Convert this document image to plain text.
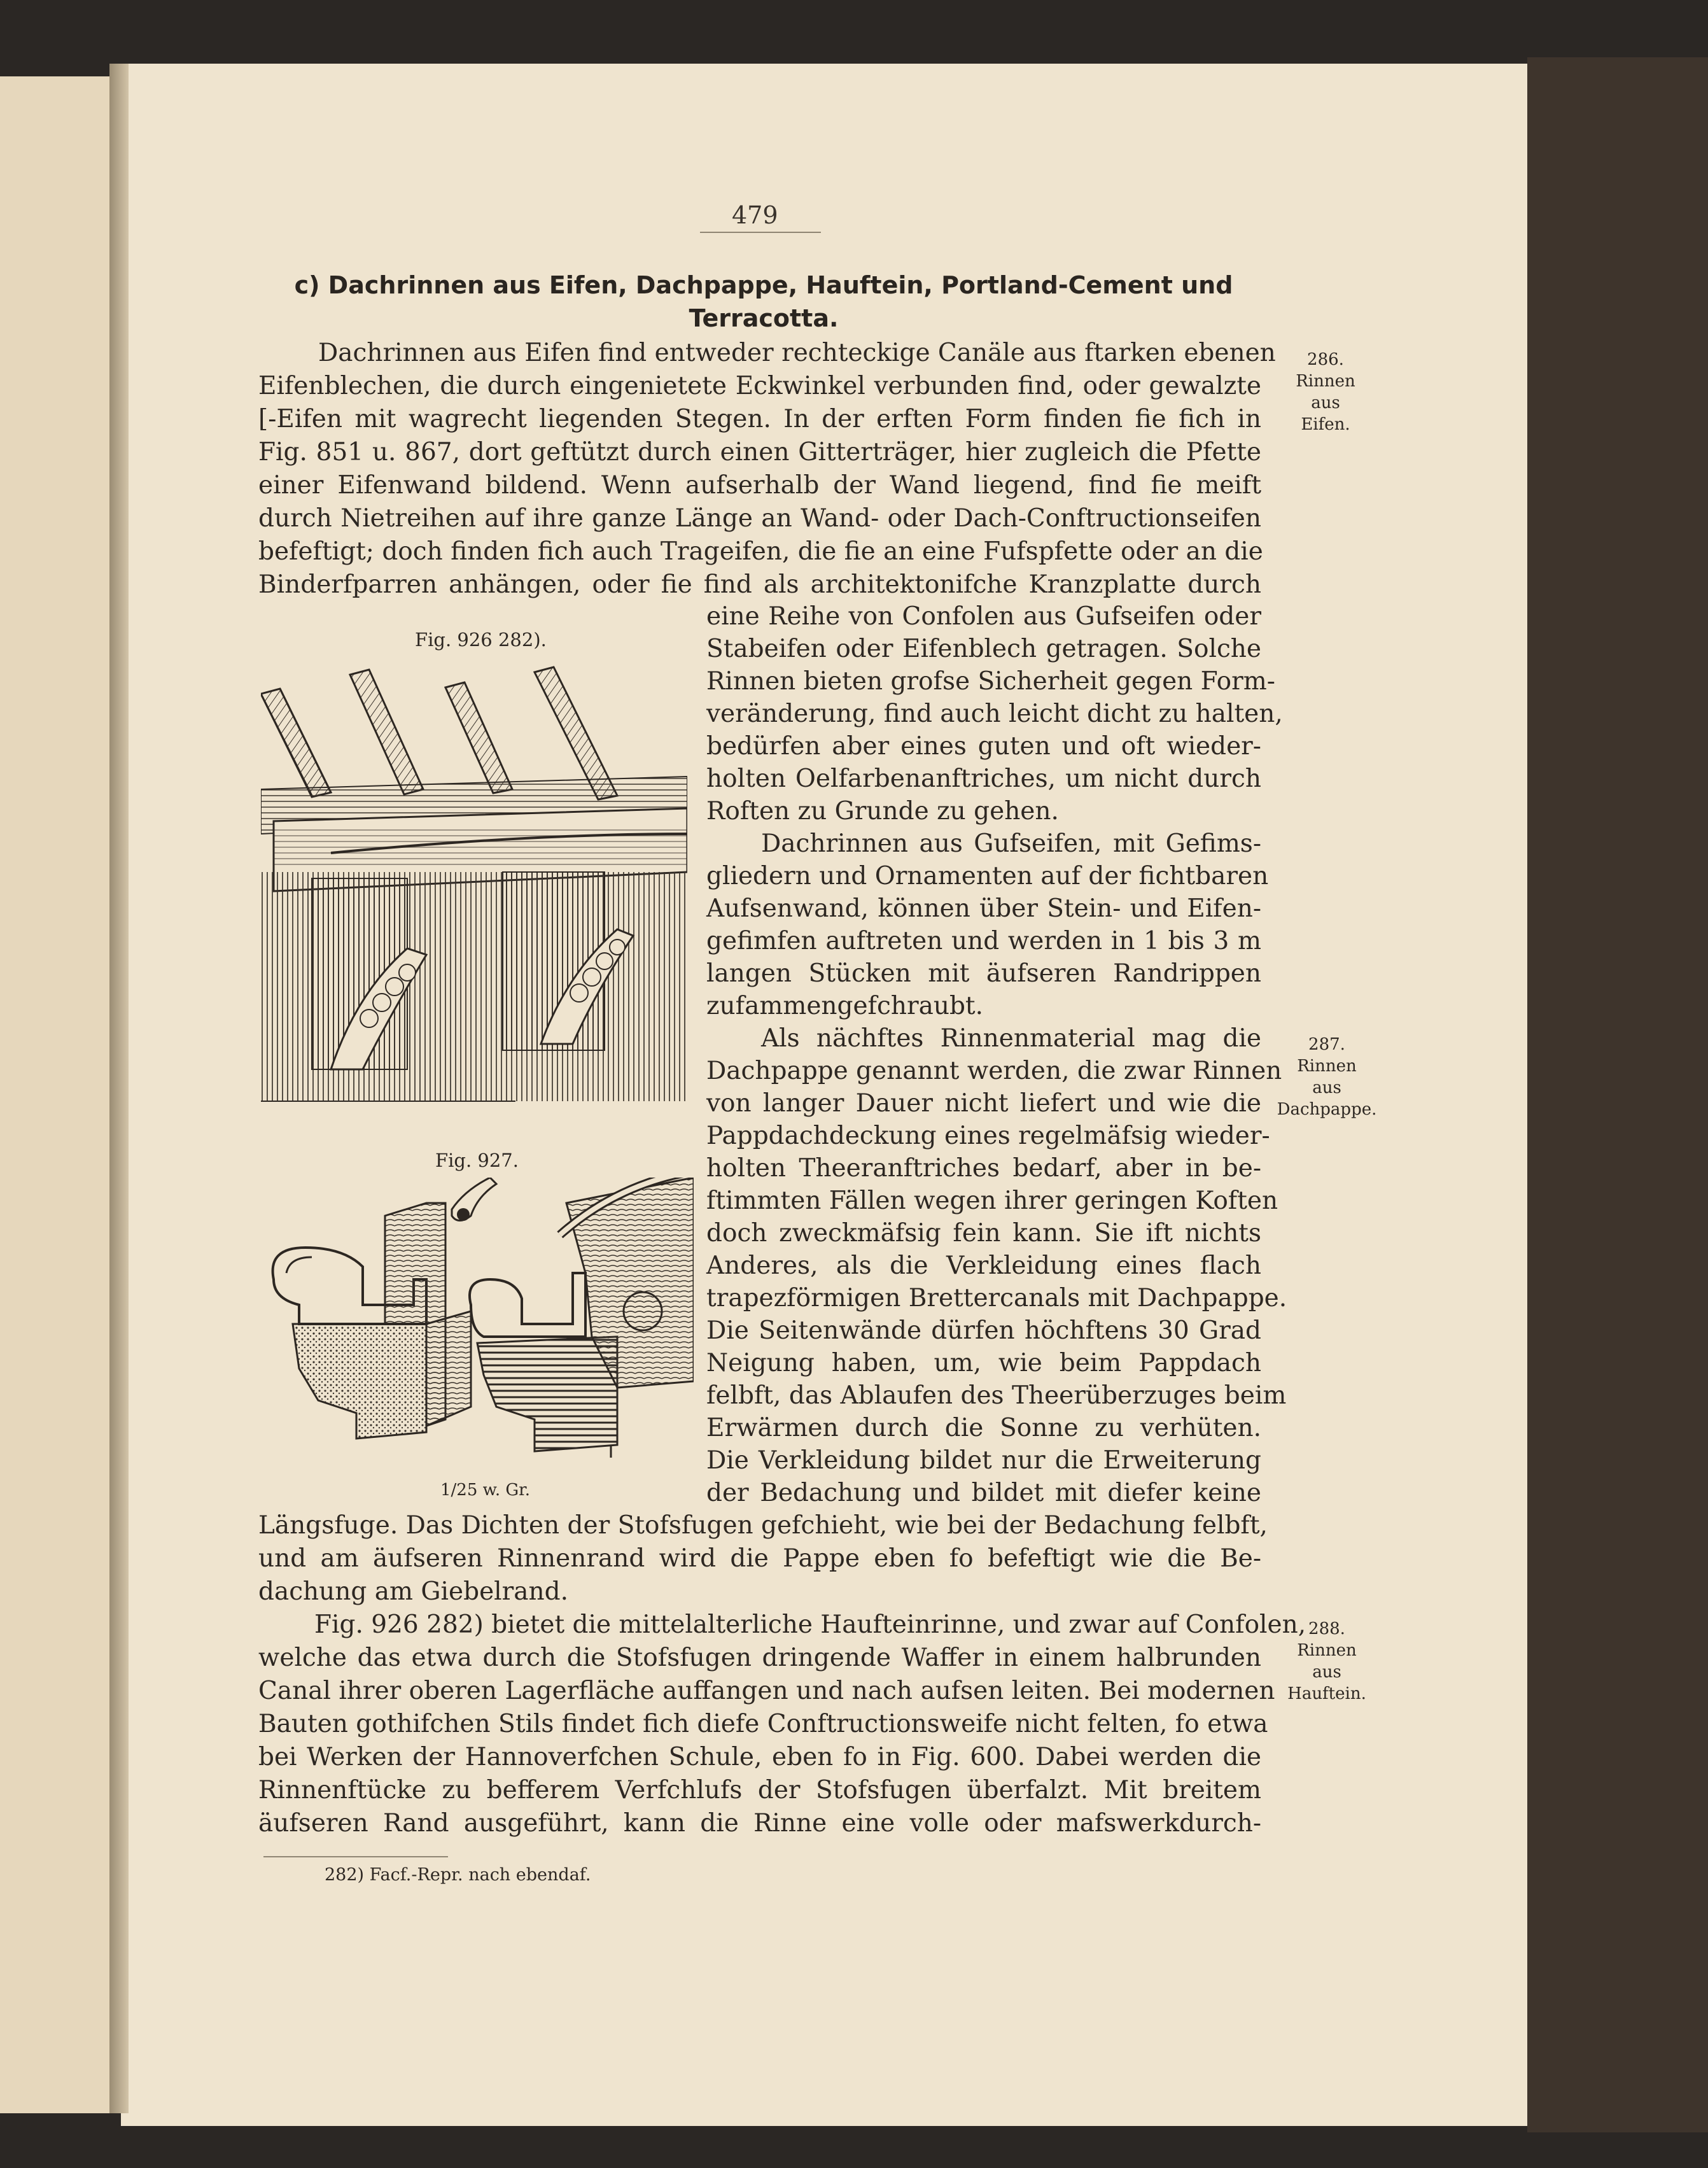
479
c) Dachrinnen aus Eifen, Dachpappe, Hauftein, Portland-Cement und
Terracotta.
Dachrinnen aus Eifen find entweder rechteckige Canäle aus ftarken ebenen
Eifenblechen, die durch eingenietete Eckwinkel verbunden find, oder gewalzte
[-Eifen mit wagrecht liegenden Stegen. In der erften Form finden fie fich in
Fig. 851 u. 867, dort geftützt durch einen Gitterträger, hier zugleich die Pfette
einer Eifenwand bildend. Wenn aufserhalb der Wand liegend, find fie meift
durch Nietreihen auf ihre ganze Länge an Wand- oder Dach-Conftructionseifen
befeftigt; doch finden fich auch Trageifen, die fie an eine Fufspfette oder an die
Binderfparren anhängen, oder fie find als architektonifche Kranzplatte durch
eine Reihe von Confolen aus Gufseifen oder
Stabeifen oder Eifenblech getragen. Solche
Rinnen bieten grofse Sicherheit gegen Form-
veränderung, find auch leicht dicht zu halten,
bedürfen aber eines guten und oft wieder-
holten Oelfarbenanftriches, um nicht durch
Roften zu Grunde zu gehen.
Dachrinnen aus Gufseifen, mit Gefims-
gliedern und Ornamenten auf der fichtbaren
Aufsenwand, können über Stein- und Eifen-
gefimfen auftreten und werden in 1 bis 3 m
langen Stücken mit äufseren Randrippen
zufammengefchraubt.
Als nächftes Rinnenmaterial mag die
Dachpappe genannt werden, die zwar Rinnen
von langer Dauer nicht liefert und wie die
Pappdachdeckung eines regelmäfsig wieder-
holten Theeranftriches bedarf, aber in be-
ftimmten Fällen wegen ihrer geringen Koften
doch zweckmäfsig fein kann. Sie ift nichts
Anderes, als die Verkleidung eines flach
trapezförmigen Brettercanals mit Dachpappe.
Die Seitenwände dürfen höchftens 30 Grad
Neigung haben, um, wie beim Pappdach
felbft, das Ablaufen des Theerüberzuges beim
Erwärmen durch die Sonne zu verhüten.
Die Verkleidung bildet nur die Erweiterung
der Bedachung und bildet mit diefer keine
Längsfuge. Das Dichten der Stofsfugen gefchieht, wie bei der Bedachung felbft,
und am äufseren Rinnenrand wird die Pappe eben fo befeftigt wie die Be-
dachung am Giebelrand.
Fig. 926 282) bietet die mittelalterliche Haufteinrinne, und zwar auf Confolen,
welche das etwa durch die Stofsfugen dringende Waffer in einem halbrunden
Canal ihrer oberen Lagerfläche auffangen und nach aufsen leiten. Bei modernen
Bauten gothifchen Stils findet fich diefe Conftructionsweife nicht felten, fo etwa
bei Werken der Hannoverfchen Schule, eben fo in Fig. 600. Dabei werden die
Rinnenftücke zu befferem Verfchlufs der Stofsfugen überfalzt. Mit breitem
äufseren Rand ausgeführt, kann die Rinne eine volle oder mafswerkdurch-
286.
Rinnen
aus
Eifen.
287.
Rinnen
aus
Dachpappe.
288.
Rinnen
aus
Hauftein.
Fig. 926 282).
Fig. 927.
1/25 w. Gr.
282) Facf.-Repr. nach ebendaf.
